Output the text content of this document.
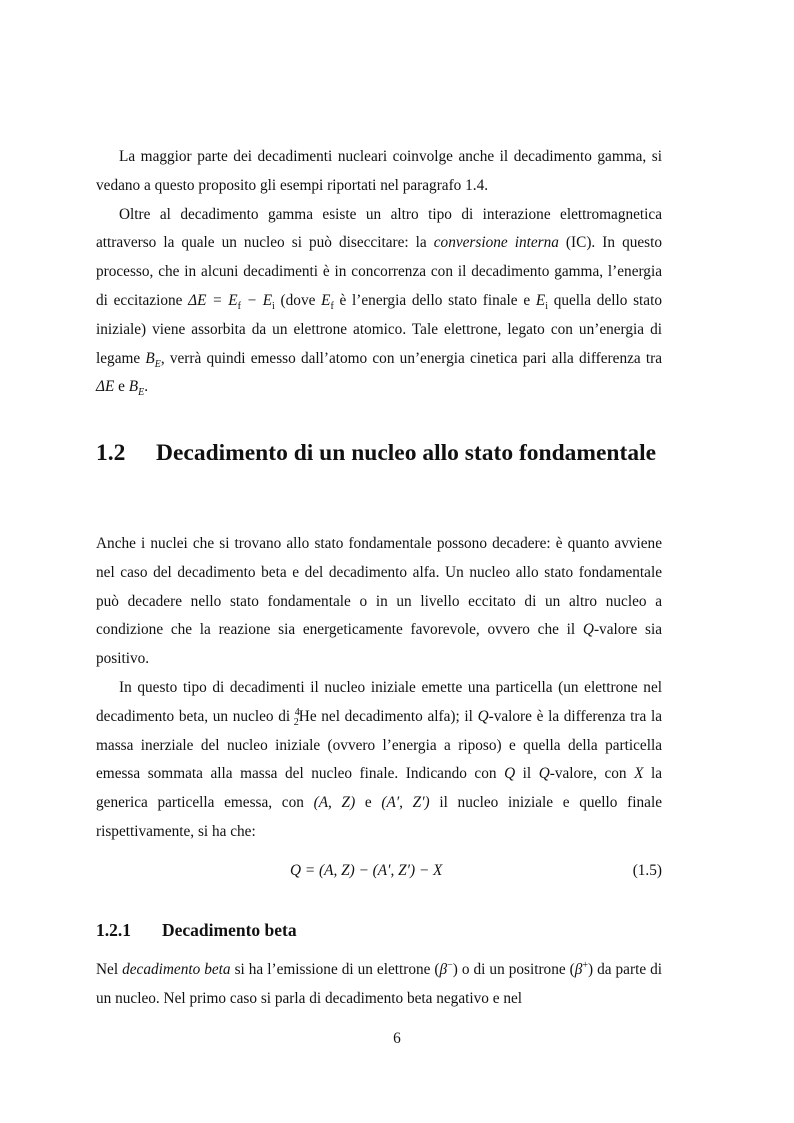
La maggior parte dei decadimenti nucleari coinvolge anche il decadimento gamma, si vedano a questo proposito gli esempi riportati nel paragrafo 1.4.

Oltre al decadimento gamma esiste un altro tipo di interazione elettromagnetica attraverso la quale un nucleo si può diseccitare: la conversione interna (IC). In questo processo, che in alcuni decadimenti è in concorrenza con il decadimento gamma, l’energia di eccitazione $\Delta E = E_f - E_i$ (dove $E_f$ è l’energia dello stato finale e $E_i$ quella dello stato iniziale) viene assorbita da un elettrone atomico. Tale elettrone, legato con un’energia di legame $B_E$, verrà quindi emesso dall’atomo con un’energia cinetica pari alla differenza tra ΔE e $B_E$.

1.2 Decadimento di un nucleo allo stato fondamentale

Anche i nuclei che si trovano allo stato fondamentale possono decadere: è quanto avviene nel caso del decadimento beta e del decadimento alfa. Un nucleo allo stato fondamentale può decadere nello stato fondamentale o in un livello eccitato di un altro nucleo a condizione che la reazione sia energeticamente favorevole, ovvero che il Q-valore sia positivo.

In questo tipo di decadimenti il nucleo iniziale emette una particella (un elettrone nel decadimento beta, un nucleo di $^4_2$He nel decadimento alfa); il Q-valore è la differenza tra la massa inerziale del nucleo iniziale (ovvero l’energia a riposo) e quella della particella emessa sommata alla massa del nucleo finale. Indicando con Q il Q-valore, con X la generica particella emessa, con (A, Z) e (A′, Z′) il nucleo iniziale e quello finale rispettivamente, si ha che:

Q = (A, Z) − (A′, Z′) − X	(1.5)
1.2.1 Decadimento beta

Nel decadimento beta si ha l’emissione di un elettrone (β−) o di un positrone (β+) da parte di un nucleo. Nel primo caso si parla di decadimento beta negativo e nel

6
